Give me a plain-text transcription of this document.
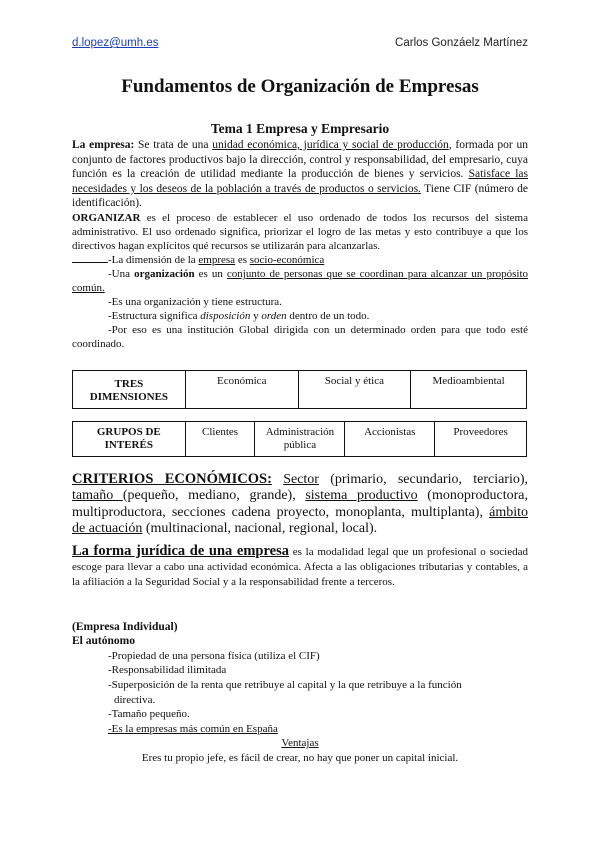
d.lopez@umh.es	Carlos Gonzáelz Martínez
Fundamentos de Organización de Empresas
Tema 1 Empresa y Empresario
La empresa: Se trata de una unidad económica, jurídica y social de producción, formada por un conjunto de factores productivos bajo la dirección, control y responsabilidad, del empresario, cuya función es la creación de utilidad mediante la producción de bienes y servicios. Satisface las necesidades y los deseos de la población a través de productos o servicios. Tiene CIF (número de identificación).
ORGANIZAR es el proceso de establecer el uso ordenado de todos los recursos del sistema administrativo. El uso ordenado significa, priorizar el logro de las metas y esto contribuye a que los directivos hagan explícitos qué recursos se utilizarán para alcanzarlas.
-La dimensión de la empresa es socio-económica
-Una organización es un conjunto de personas que se coordinan para alcanzar un propósito común.
-Es una organización y tiene estructura.
-Estructura significa disposición y orden dentro de un todo.
-Por eso es una institución Global dirigida con un determinado orden para que todo esté coordinado.
TRES DIMENSIONES	Económica	Social y ética	Medioambiental
GRUPOS DE INTERÉS	Clientes	Administración pública	Accionistas	Proveedores
CRITERIOS ECONÓMICOS: Sector (primario, secundario, terciario), tamaño (pequeño, mediano, grande), sistema productivo (monoproductora, multiproductora, secciones cadena proyecto, monoplanta, multiplanta), ámbito de actuación (multinacional, nacional, regional, local).
La forma jurídica de una empresa es la modalidad legal que un profesional o sociedad escoge para llevar a cabo una actividad económica. Afecta a las obligaciones tributarias y contables, a la afiliación a la Seguridad Social y a la responsabilidad frente a terceros.
(Empresa Individual)
El autónomo
-Propiedad de una persona física (utiliza el CIF)
-Responsabilidad ilimitada
-Superposición de la renta que retribuye al capital y la que retribuye a la función
directiva.
-Tamaño pequeño.
-Es la empresas más común en España
Ventajas
Eres tu propio jefe, es fácil de crear, no hay que poner un capital inicial.
